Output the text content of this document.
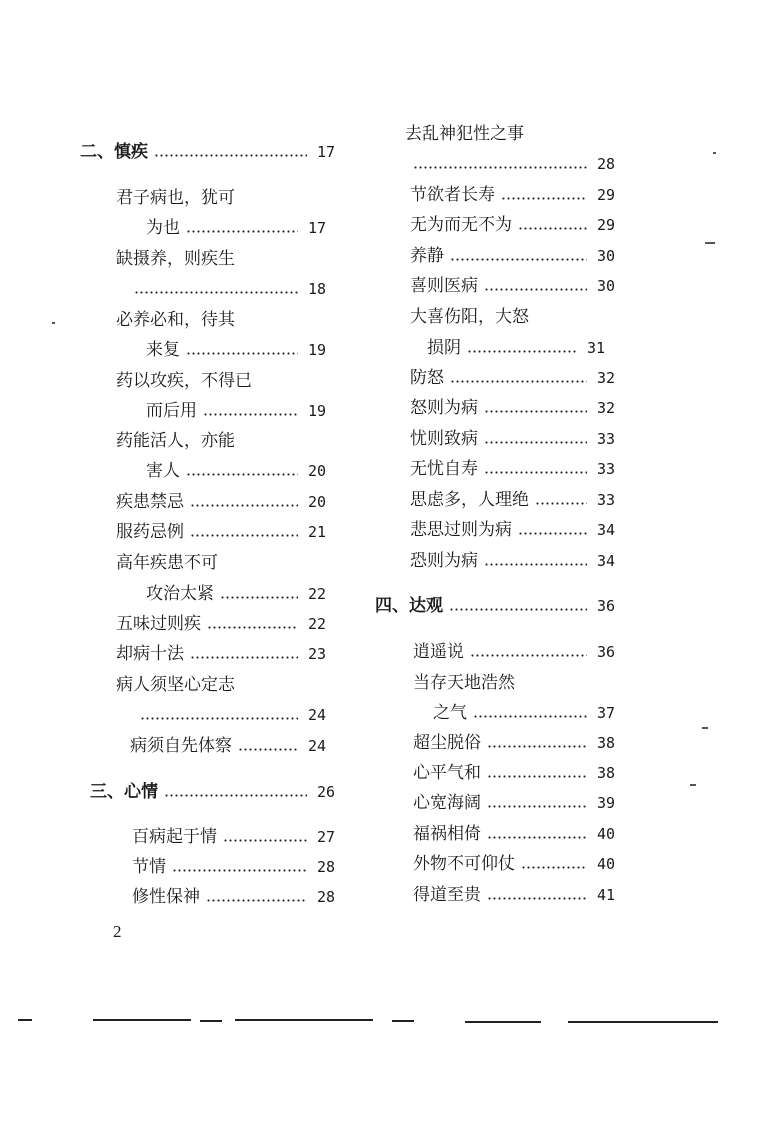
二、慎疾	17
君子病也，犹可
为也	17
缺摄养，则疾生
18
必养必和，待其
来复	19
药以攻疾，不得已
而后用	19
药能活人，亦能
害人	20
疾患禁忌	20
服药忌例	21
高年疾患不可
攻治太紧	22
五味过则疾	22
却病十法	23
病人须坚心定志
24
病须自先体察	24
三、心情	26
百病起于情	27
节情	28
修性保神	28
去乱神犯性之事
28
节欲者长寿	29
无为而无不为	29
养静	30
喜则医病	30
大喜伤阳，大怒
损阴	31
防怒	32
怒则为病	32
忧则致病	33
无忧自寿	33
思虑多，人理绝	33
悲思过则为病	34
恐则为病	34
四、达观	36
逍遥说	36
当存天地浩然
之气	37
超尘脱俗	38
心平气和	38
心宽海阔	39
福祸相倚	40
外物不可仰仗	40
得道至贵	41
2
